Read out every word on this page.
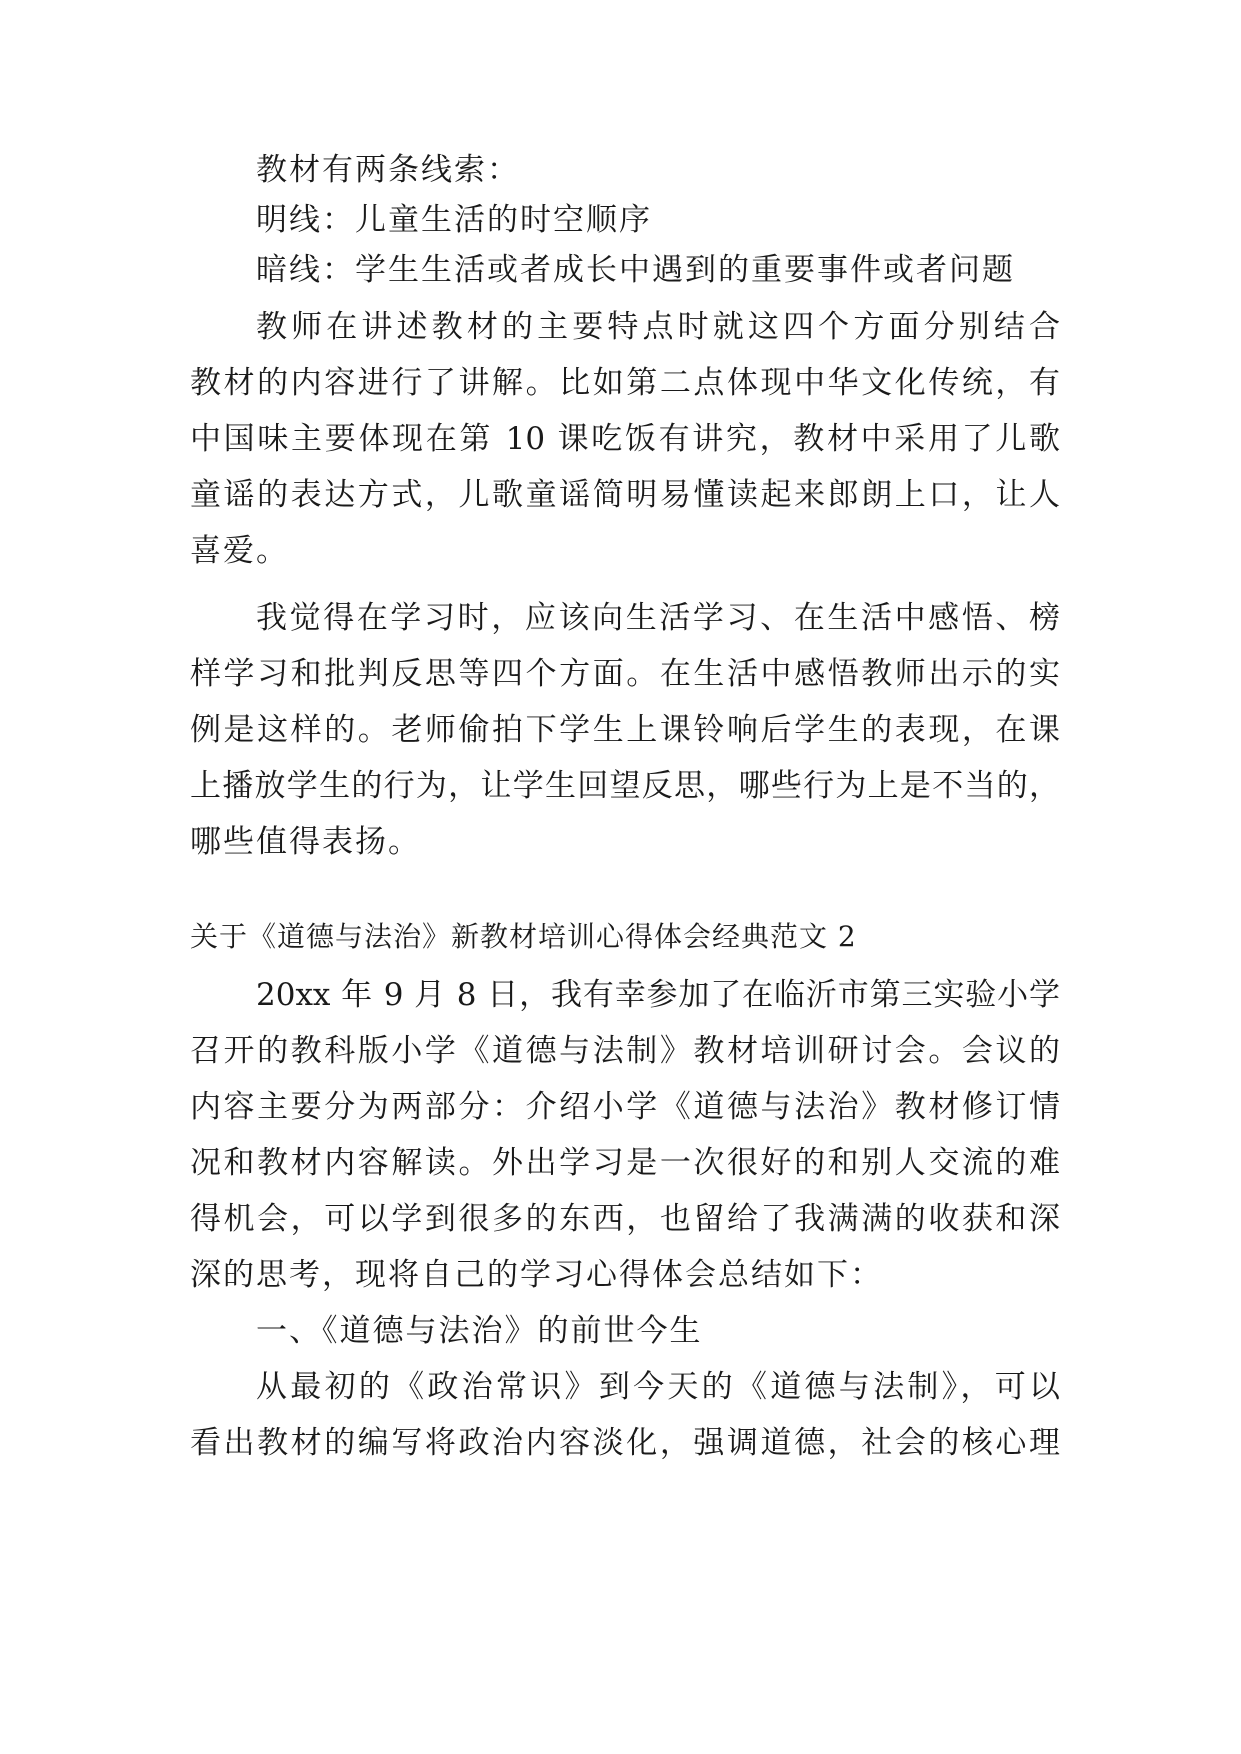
教材有两条线索：
明线：儿童生活的时空顺序
暗线：学生生活或者成长中遇到的重要事件或者问题
教师在讲述教材的主要特点时就这四个方面分别结合
教材的内容进行了讲解。比如第二点体现中华文化传统，有
中国味主要体现在第 10 课吃饭有讲究，教材中采用了儿歌
童谣的表达方式，儿歌童谣简明易懂读起来郎朗上口，让人
喜爱。
我觉得在学习时，应该向生活学习、在生活中感悟、榜
样学习和批判反思等四个方面。在生活中感悟教师出示的实
例是这样的。老师偷拍下学生上课铃响后学生的表现，在课
上播放学生的行为，让学生回望反思，哪些行为上是不当的，
哪些值得表扬。
关于《道德与法治》新教材培训心得体会经典范文 2
20xx 年 9 月 8 日，我有幸参加了在临沂市第三实验小学
召开的教科版小学《道德与法制》教材培训研讨会。会议的
内容主要分为两部分：介绍小学《道德与法治》教材修订情
况和教材内容解读。外出学习是一次很好的和别人交流的难
得机会，可以学到很多的东西，也留给了我满满的收获和深
深的思考，现将自己的学习心得体会总结如下：
一、《道德与法治》的前世今生
从最初的《政治常识》到今天的《道德与法制》，可以
看出教材的编写将政治内容淡化，强调道德，社会的核心理
